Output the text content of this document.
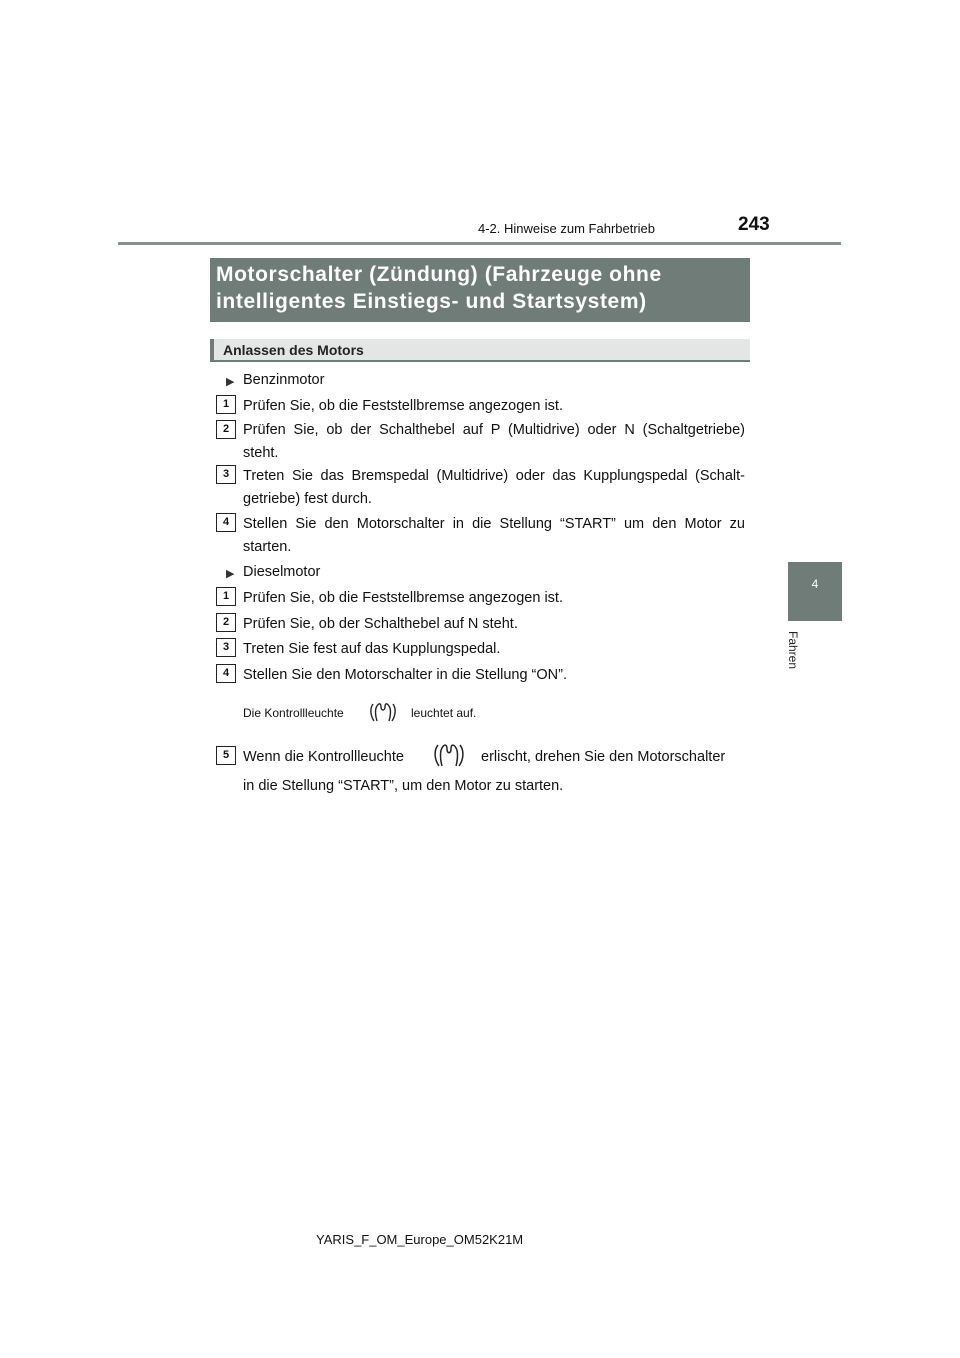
243
4-2. Hinweise zum Fahrbetrieb
Motorschalter (Zündung) (Fahrzeuge ohne
intelligentes Einstiegs- und Startsystem)
Anlassen des Motors
4
Fahren
▶ Benzinmotor
1 Prüfen Sie, ob die Feststellbremse angezogen ist.
2 Prüfen Sie, ob der Schalthebel auf P (Multidrive) oder N (Schaltgetriebe)
steht.
3 Treten Sie das Bremspedal (Multidrive) oder das Kupplungspedal (Schalt-
getriebe) fest durch.
4 Stellen Sie den Motorschalter in die Stellung “START” um den Motor zu
starten.
▶ Dieselmotor
1 Prüfen Sie, ob die Feststellbremse angezogen ist.
2 Prüfen Sie, ob der Schalthebel auf N steht.
3 Treten Sie fest auf das Kupplungspedal.
4 Stellen Sie den Motorschalter in die Stellung “ON”.
Die Kontrollleuchte	leuchtet auf.
5 Wenn die Kontrollleuchte	erlischt, drehen Sie den Motorschalter
in die Stellung “START”, um den Motor zu starten.
YARIS_F_OM_Europe_OM52K21M
